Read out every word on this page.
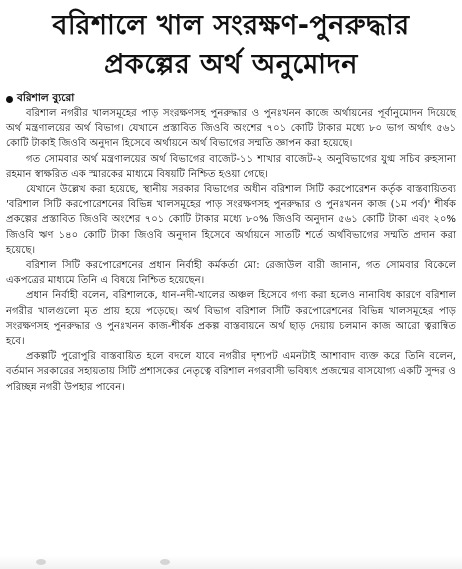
বরিশালে খাল সংরক্ষণ-পুনরুদ্ধার প্রকল্পের অর্থ অনুমোদন
বরিশাল ব্যুরো

বরিশাল নগরীর খালসমূহের পাড় সংরক্ষণসহ পুনরুদ্ধার ও পুনঃখনন কাজে অর্থায়নের পূর্বানুমোদন দিয়েছে অর্থ মন্ত্রণালয়ের অর্থ বিভাগ। যেখানে প্রস্তাবিত জিওবি অংশের ৭০১ কোটি টাকার মধ্যে ৮০ ভাগ অর্থাৎ ৫৬১ কোটি টাকাই জিওবি অনুদান হিসেবে অর্থায়নে অর্থ বিভাগের সম্মতি জ্ঞাপন করা হয়েছে।

গত সোমবার অর্থ মন্ত্রণালয়ের অর্থ বিভাগের বাজেট-১১ শাখার বাজেট-২ অনুবিভাগের যুগ্ম সচিব রুহসানা রহমান স্বাক্ষরিত এক স্মারকের মাধ্যমে বিষয়টি নিশ্চিত হওয়া গেছে।

যেখানে উল্লেখ করা হয়েছে, স্থানীয় সরকার বিভাগের অধীন বরিশাল সিটি করপোরেশন কর্তৃক বাস্তবায়িতব্য 'বরিশাল সিটি করপোরেশনের বিভিন্ন খালসমূহের পাড় সংরক্ষণসহ পুনরুদ্ধার ও পুনঃখনন কাজ (১ম পর্ব)' শীর্ষক প্রকল্পের প্রস্তাবিত জিওবি অংশের ৭০১ কোটি টাকার মধ্যে ৮০% জিওবি অনুদান ৫৬১ কোটি টাকা এবং ২০% জিওবি ঋণ ১৪০ কোটি টাকা জিওবি অনুদান হিসেবে অর্থায়নে সাতটি শর্তে অর্থবিভাগের সম্মতি প্রদান করা হয়েছে।

বরিশাল সিটি করপোরেশনের প্রধান নির্বাহী কর্মকর্তা মো: রেজাউল বারী জানান, গত সোমবার বিকেলে একপত্রের মাধ্যমে তিনি এ বিষয়ে নিশ্চিত হয়েছেন।

প্রধান নির্বাহী বলেন, বরিশালকে, ধান-নদী-খালের অঞ্চল হিসেবে গণ্য করা হলেও নানাবিধ কারণে বরিশাল নগরীর খালগুলো মৃত প্রায় হয়ে পড়েছে। অর্থ বিভাগ বরিশাল সিটি করপোরেশনের বিভিন্ন খালসমূহের পাড় সংরক্ষণসহ পুনরুদ্ধার ও পুনঃখনন কাজ-শীর্ষক প্রকল্প বাস্তবায়নে অর্থ ছাড় দেয়ায় চলমান কাজ আরো ত্বরান্বিত হবে।

প্রকল্পটি পুরোপুরি বাস্তবায়িত হলে বদলে যাবে নগরীর দৃশ্যপট এমনটাই আশাবাদ ব্যক্ত করে তিনি বলেন, বর্তমান সরকারের সহায়তায় সিটি প্রশাসকের নেতৃত্বে বরিশাল নগরবাসী ভবিষ্যৎ প্রজন্মের বাসযোগ্য একটি সুন্দর ও পরিচ্ছন্ন নগরী উপহার পাবেন।
